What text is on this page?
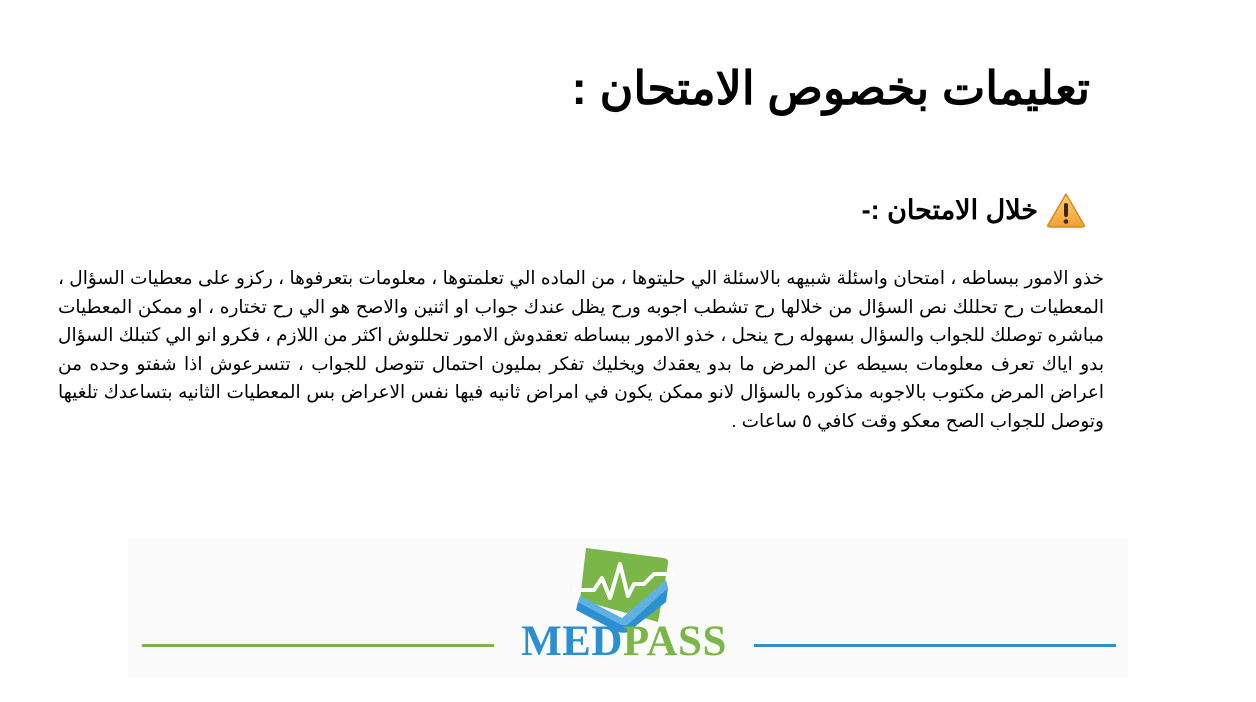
تعليمات بخصوص الامتحان :
خلال الامتحان :-

خذو الامور ببساطه ، امتحان واسئلة شبيهه بالاسئلة الي حليتوها ، من الماده الي تعلمتوها ، معلومات بتعرفوها ، ركزو على معطيات السؤال ، المعطيات رح تحللك نص السؤال من خلالها رح تشطب اجوبه ورح يظل عندك جواب او اثنين والاصح هو الي رح تختاره ، او ممكن المعطيات مباشره توصلك للجواب والسؤال بسهوله رح ينحل ، خذو الامور ببساطه تعقدوش الامور تحللوش اكثر من اللازم ، فكرو انو الي كتبلك السؤال بدو اياك تعرف معلومات بسيطه عن المرض ما بدو يعقدك ويخليك تفكر بمليون احتمال تتوصل للجواب ، تتسرعوش اذا شفتو وحده من اعراض المرض مكتوب بالاجوبه مذكوره بالسؤال لانو ممكن يكون في امراض ثانيه فيها نفس الاعراض بس المعطيات الثانيه بتساعدك تلغيها وتوصل للجواب الصح معكو وقت كافي ٥ ساعات .

MEDPASS
